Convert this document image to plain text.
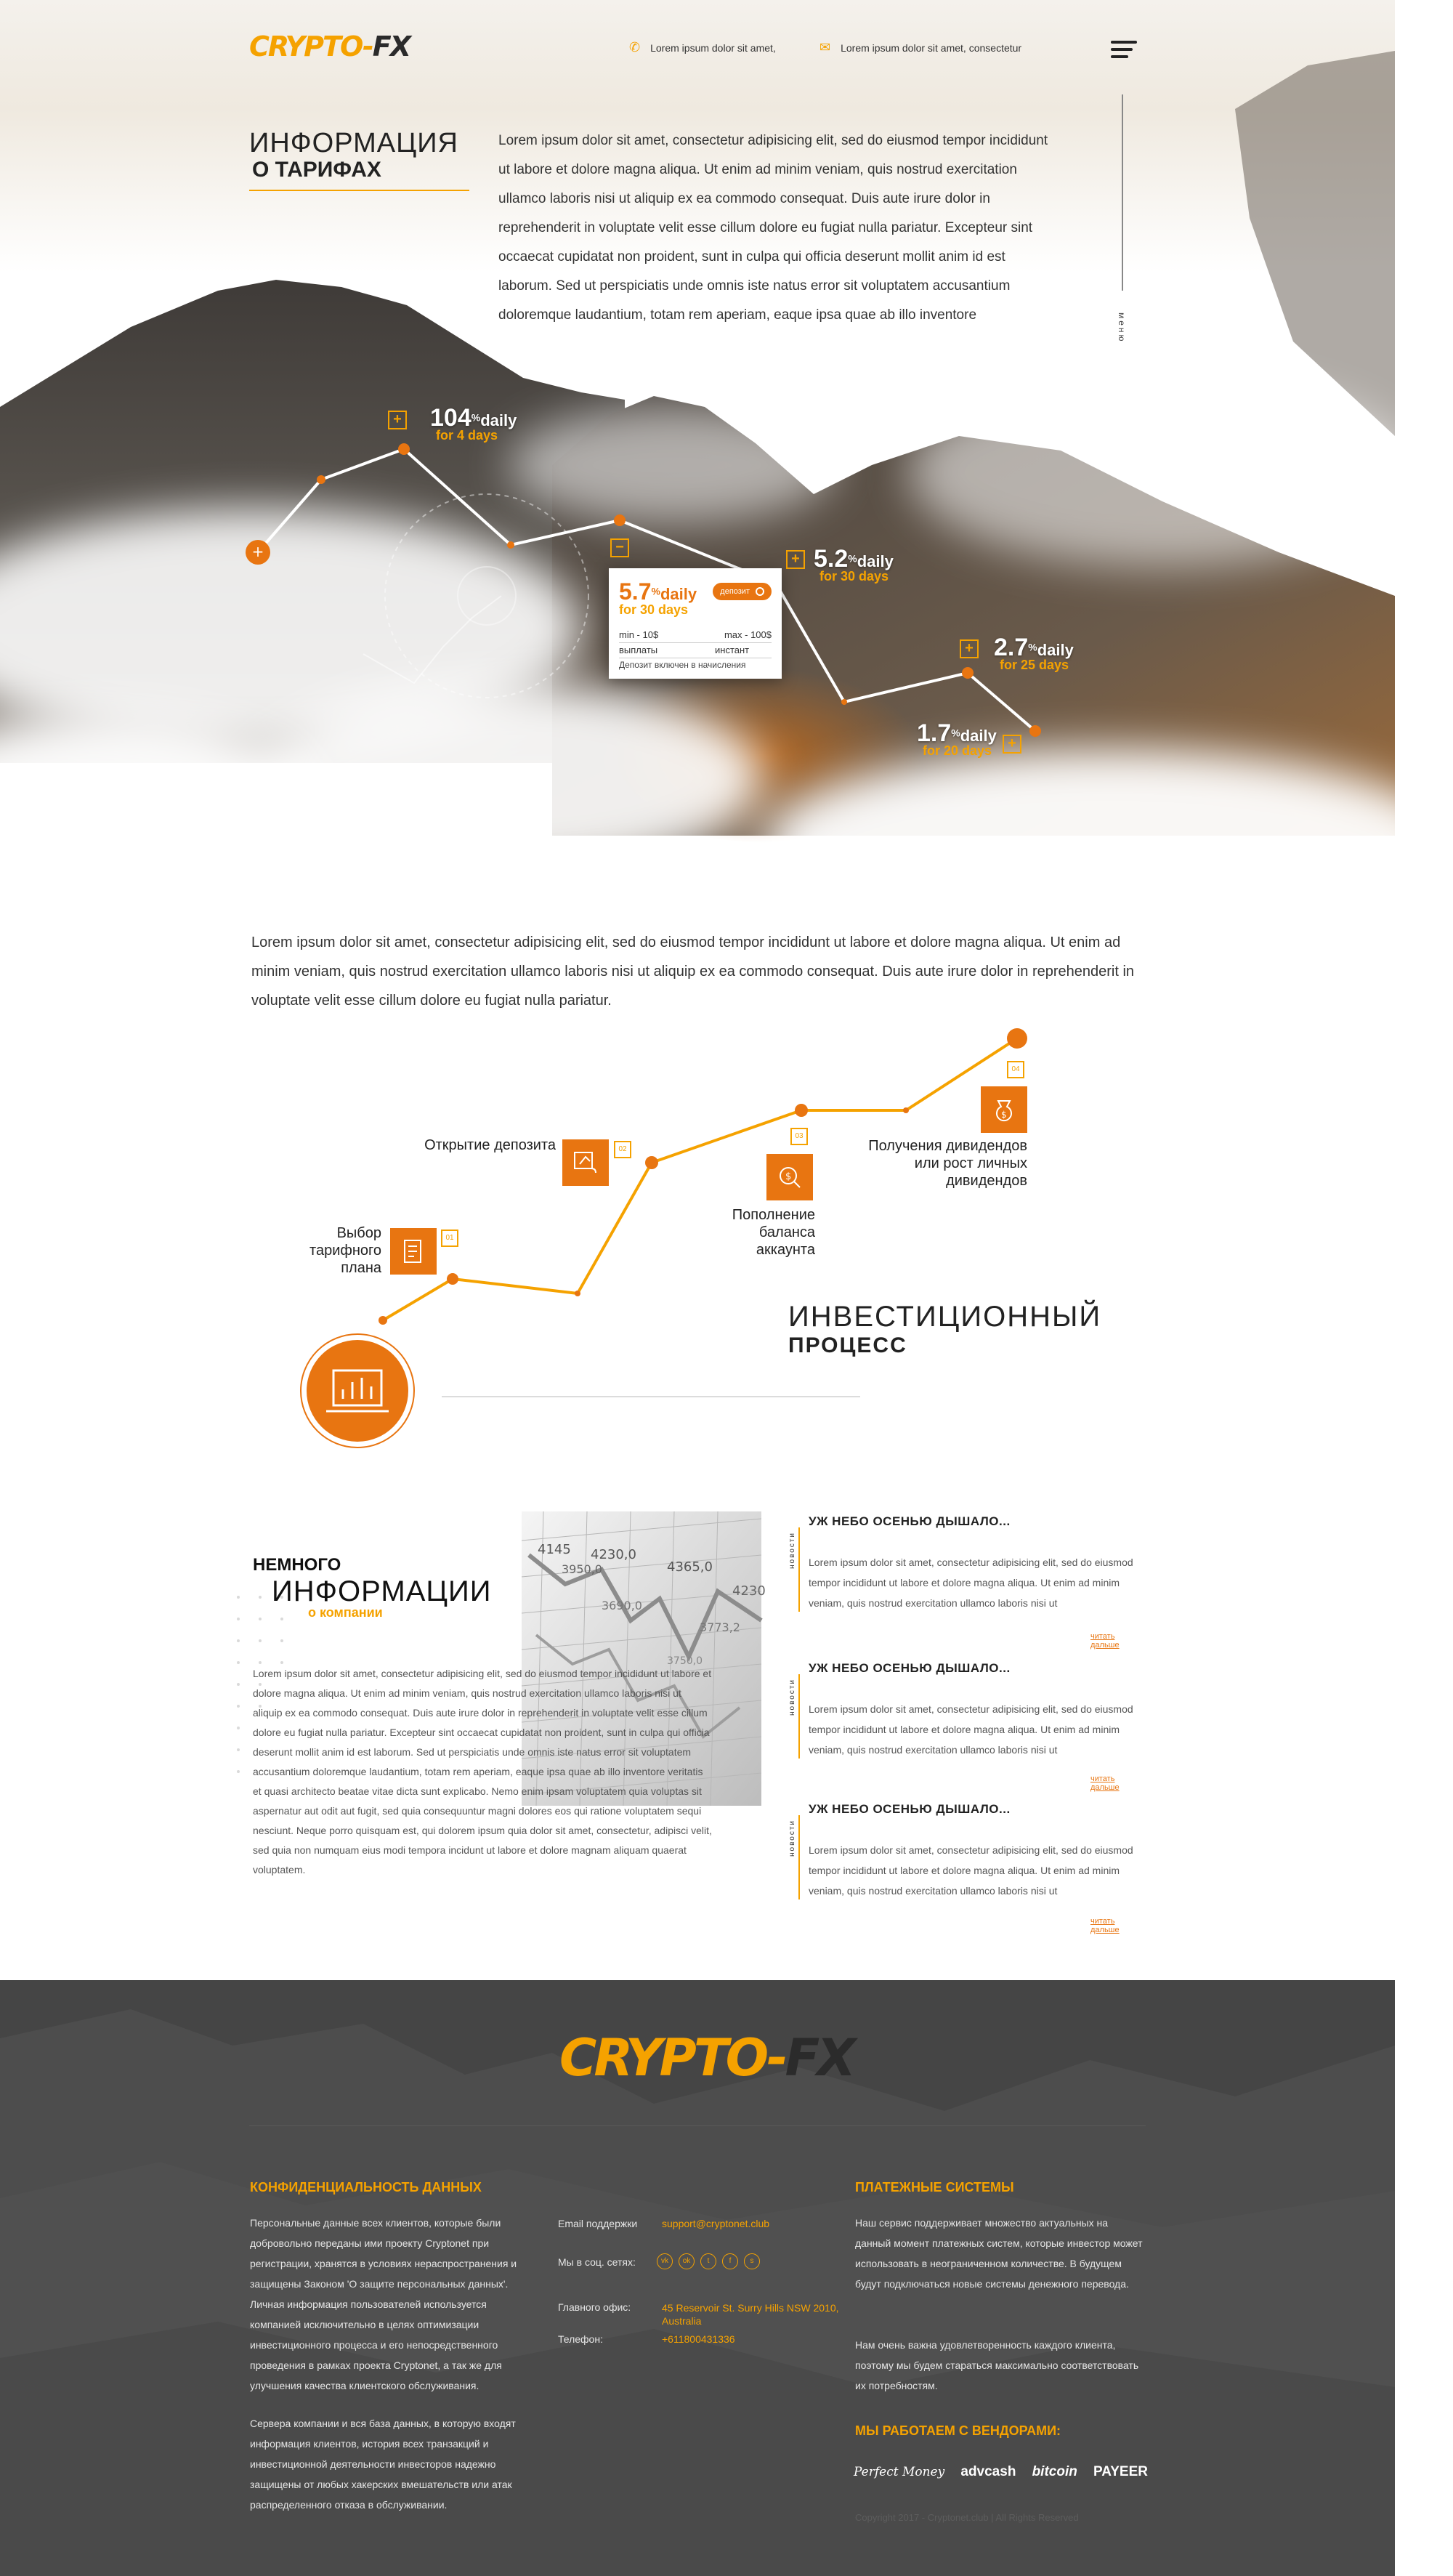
CRYPTO-FX	✆ Lorem ipsum dolor sit amet,	✉ Lorem ipsum dolor sit amet, consectetur
меню
ИНФОРМАЦИЯ
О ТАРИФАХ
Lorem ipsum dolor sit amet, consectetur adipisicing elit, sed do eiusmod tempor incididunt ut labore et dolore magna aliqua. Ut enim ad minim veniam, quis nostrud exercitation ullamco laboris nisi ut aliquip ex ea commodo consequat. Duis aute irure dolor in reprehenderit in voluptate velit esse cillum dolore eu fugiat nulla pariatur. Excepteur sint occaecat cupidatat non proident, sunt in culpa qui officia deserunt mollit anim id est laborum. Sed ut perspiciatis unde omnis iste natus error sit voluptatem accusantium doloremque laudantium, totam rem aperiam, eaque ipsa quae ab illo inventore
+
+ 104%daily
for 4 days
−
+ 5.2%daily
for 30 days
+ 2.7%daily
for 25 days
1.7%daily
for 20 days	+
5.7%daily
for 30 days
депозит
min - 10$	max - 100$
выплаты	инстант
Депозит включен в начисления
Lorem ipsum dolor sit amet, consectetur adipisicing elit, sed do eiusmod tempor incididunt ut labore et dolore magna aliqua. Ut enim ad minim veniam, quis nostrud exercitation ullamco laboris nisi ut aliquip ex ea commodo consequat. Duis aute irure dolor in reprehenderit in voluptate velit esse cillum dolore eu fugiat nulla pariatur.
01
Выбор
тарифного
плана
02
Открытие депозита
$
03
Пополнение
баланса
аккаунта
$
04
Получения дивидендов
или рост личных
дивидендов
ИНВЕСТИЦИОННЫЙ
ПРОЦЕСС
4145 4230,0
4365,0
3950,0
3690,0
3773,2
3750,0
4230
НЕМНОГО
ИНФОРМАЦИИ
о компании
Lorem ipsum dolor sit amet, consectetur adipisicing elit, sed do eiusmod tempor incididunt ut labore et dolore magna aliqua. Ut enim ad minim veniam, quis nostrud exercitation ullamco laboris nisi ut aliquip ex ea commodo consequat. Duis aute irure dolor in reprehenderit in voluptate velit esse cillum dolore eu fugiat nulla pariatur. Excepteur sint occaecat cupidatat non proident, sunt in culpa qui officia deserunt mollit anim id est laborum. Sed ut perspiciatis unde omnis iste natus error sit voluptatem accusantium doloremque laudantium, totam rem aperiam, eaque ipsa quae ab illo inventore veritatis et quasi architecto beatae vitae dicta sunt explicabo. Nemo enim ipsam voluptatem quia voluptas sit aspernatur aut odit aut fugit, sed quia consequuntur magni dolores eos qui ratione voluptatem sequi nesciunt. Neque porro quisquam est, qui dolorem ipsum quia dolor sit amet, consectetur, adipisci velit, sed quia non numquam eius modi tempora incidunt ut labore et dolore magnam aliquam quaerat voluptatem.
новости
УЖ НЕБО ОСЕНЬЮ ДЫШАЛО...
Lorem ipsum dolor sit amet, consectetur adipisicing elit, sed do eiusmod tempor incididunt ut labore et dolore magna aliqua. Ut enim ad minim veniam, quis nostrud exercitation ullamco laboris nisi ut
читать дальше
новости
УЖ НЕБО ОСЕНЬЮ ДЫШАЛО...
Lorem ipsum dolor sit amet, consectetur adipisicing elit, sed do eiusmod tempor incididunt ut labore et dolore magna aliqua. Ut enim ad minim veniam, quis nostrud exercitation ullamco laboris nisi ut
читать дальше
новости
УЖ НЕБО ОСЕНЬЮ ДЫШАЛО...
Lorem ipsum dolor sit amet, consectetur adipisicing elit, sed do eiusmod tempor incididunt ut labore et dolore magna aliqua. Ut enim ad minim veniam, quis nostrud exercitation ullamco laboris nisi ut
читать дальше
CRYPTO-FX
КОНФИДЕНЦИАЛЬНОСТЬ ДАННЫХ
Персональные данные всех клиентов, которые были добровольно переданы ими проекту Cryptonet при регистрации, хранятся в условиях нераспространения и защищены Законом 'О защите персональных данных'. Личная информация пользователей используется компанией исключительно в целях оптимизации инвестиционного процесса и его непосредственного проведения в рамках проекта Cryptonet, а так же для улучшения качества клиентского обслуживания.
Сервера компании и вся база данных, в которую входят информация клиентов, история всех транзакций и инвестиционной деятельности инвесторов надежно защищены от любых хакерских вмешательств или атак распределенного отказа в обслуживании.
Email поддержки support@cryptonet.club
Мы в соц. сетях:	vk	ok	t	f	s
Главного офис:	45 Reservoir St. Surry Hills NSW 2010,
Australia
Телефон:	+611800431336
ПЛАТЕЖНЫЕ СИСТЕМЫ
Наш сервис поддерживает множество актуальных на данный момент платежных систем, которые инвестор может использовать в неограниченном количестве. В будущем будут подключаться новые системы денежного перевода.
Нам очень важна удовлетворенность каждого клиента, поэтому мы будем стараться максимально соответствовать их потребностям.
МЫ РАБОТАЕМ С ВЕНДОРАМИ:
Perfect Money advcash bitcoin PAYEER
Copyright 2017 - Cryptonet.club | All Rights Reserved
